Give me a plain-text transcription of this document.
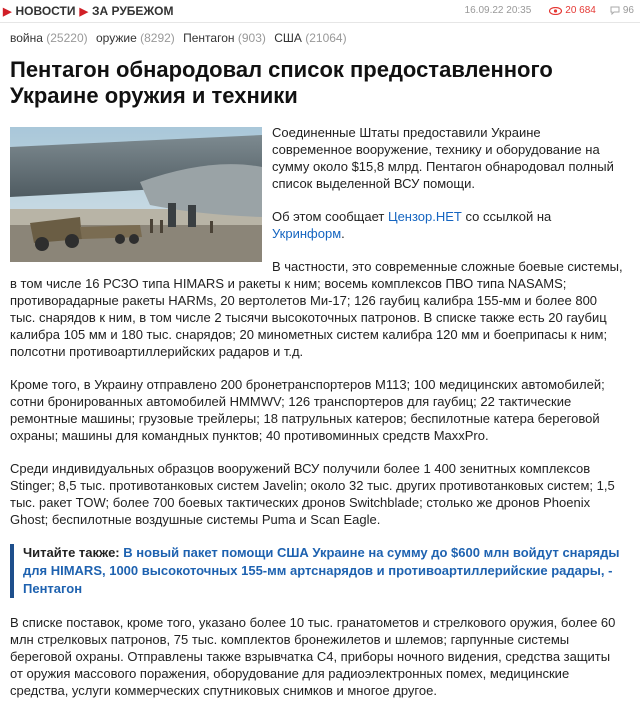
▶ НОВОСТИ ▶ ЗА РУБЕЖОМ	16.09.22 20:35	20 684	96
война (25220) оружие (8292) Пентагон (903) США (21064)
Пентагон обнародовал список предоставленного Украине оружия и техники

Соединенные Штаты предоставили Украине современное вооружение, технику и оборудование на сумму около $15,8 млрд. Пентагон обнародовал полный список выделенной ВСУ помощи.

Об этом сообщает Цензор.НЕТ со ссылкой на Укринформ.

В частности, это современные сложные боевые системы, в том числе 16 РСЗО типа HIMARS и ракеты к ним; восемь комплексов ПВО типа NASAMS; противорадарные ракеты HARMs, 20 вертолетов Ми-17; 126 гаубиц калибра 155-мм и более 800 тыс. снарядов к ним, в том числе 2 тысячи высокоточных патронов. В списке также есть 20 гаубиц калибра 105 мм и 180 тыс. снарядов; 20 минометных систем калибра 120 мм и боеприпасы к ним; полсотни противоартиллерийских радаров и т.д.

Кроме того, в Украину отправлено 200 бронетранспортеров М113; 100 медицинских автомобилей; сотни бронированных автомобилей HMMWV; 126 транспортеров для гаубиц; 22 тактические ремонтные машины; грузовые трейлеры; 18 патрульных катеров; беспилотные катера береговой охраны; машины для командных пунктов; 40 противоминных средств MaxxPro.

Среди индивидуальных образцов вооружений ВСУ получили более 1 400 зенитных комплексов Stinger; 8,5 тыс. противотанковых систем Javelin; около 32 тыс. других противотанковых систем; 1,5 тыс. ракет TOW; более 700 боевых тактических дронов Switchblade; столько же дронов Phoenix Ghost; беспилотные воздушные системы Puma и Scan Eagle.

Читайте также: В новый пакет помощи США Украине на сумму до $600 млн войдут снаряды для HIMARS, 1000 высокоточных 155-мм артснарядов и противоартиллерийские радары, - Пентагон

В списке поставок, кроме того, указано более 10 тыс. гранатометов и стрелкового оружия, более 60 млн стрелковых патронов, 75 тыс. комплектов бронежилетов и шлемов; гарпунные системы береговой охраны. Отправлены также взрывчатка С4, приборы ночного видения, средства защиты от оружия массового поражения, оборудование для радиоэлектронных помех, медицинские средства, услуги коммерческих спутниковых снимков и многое другое.
